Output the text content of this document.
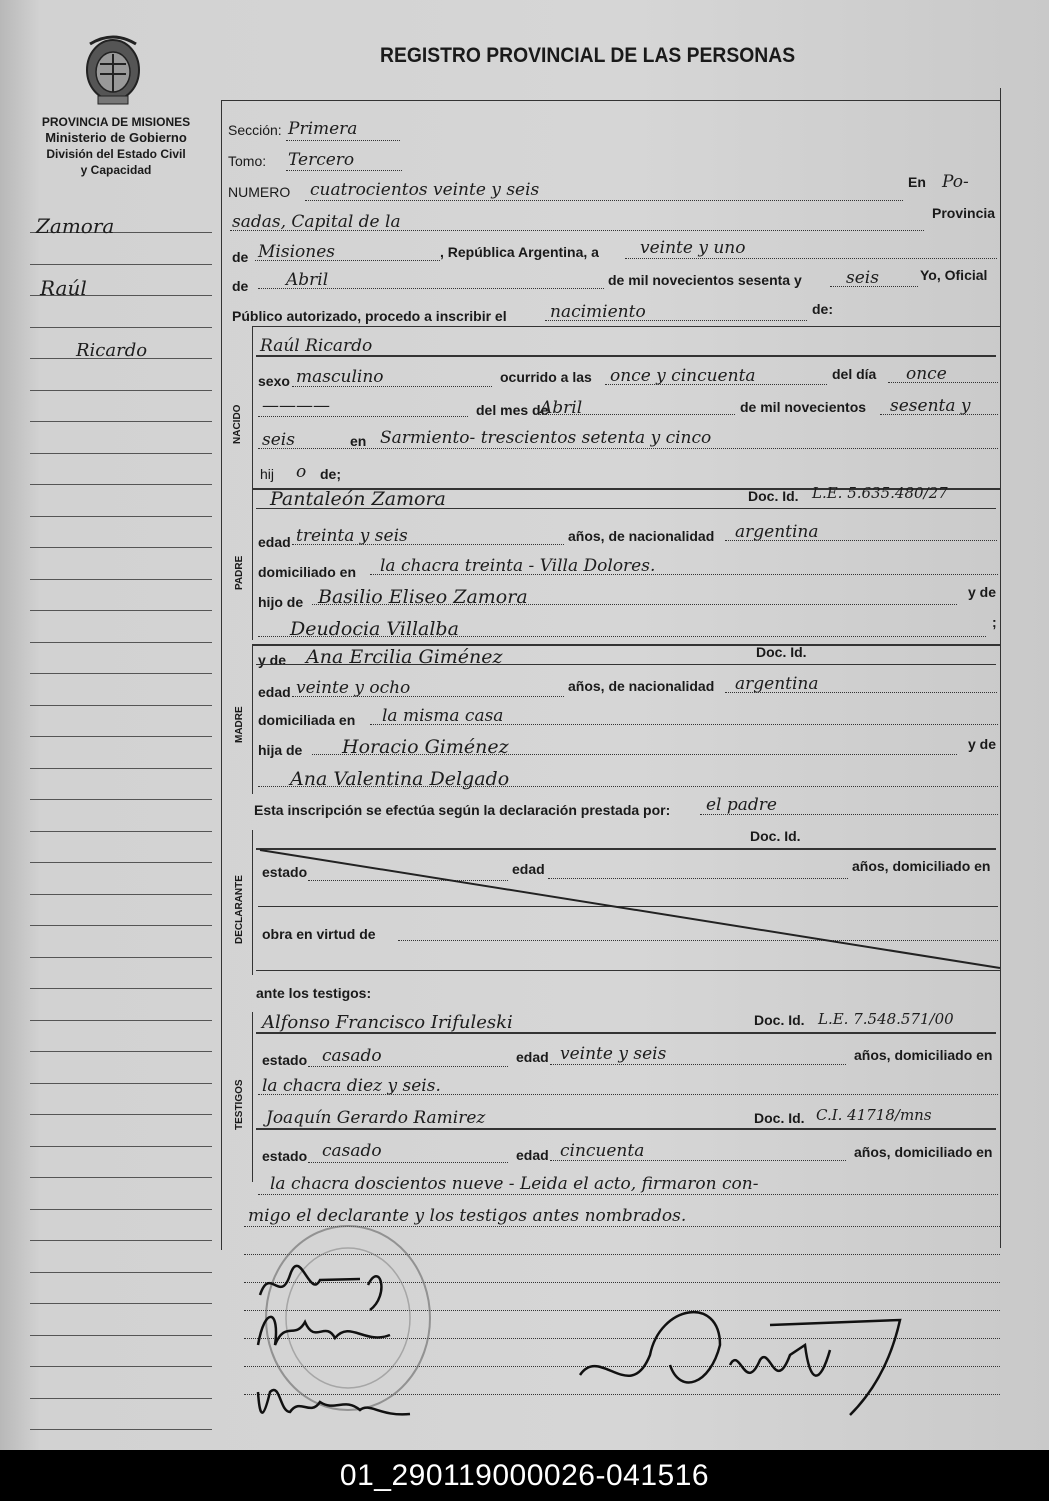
REGISTRO PROVINCIAL DE LAS PERSONAS
PROVINCIA DE MISIONES
Ministerio de Gobierno
División del Estado Civil
y Capacidad
Zamora
Raúl
Ricardo
Sección: Primera
Tomo: Tercero
NUMERO cuatrocientos veinte y seis	En Po-
sadas, Capital de la	Provincia
de Misiones	, República Argentina, a veinte y uno
de Abril	de mil novecientos sesenta y	seis	Yo, Oficial
Público autorizado, procedo a inscribir el	nacimiento	de:
NACIDO
Raúl Ricardo
sexo masculino	ocurrido a las once y cincuenta	del día once
————	del mes de
Abril	de mil novecientos sesenta y
seis	en Sarmiento- trescientos setenta y cinco
hij o de;
PADRE
Pantaleón Zamora	Doc. Id. L.E. 5.635.480/27
edad treinta y seis	años, de nacionalidad argentina
domiciliado en la chacra treinta - Villa Dolores.
hijo de Basilio Eliseo Zamora	y de
Deudocia Villalba	;
MADRE
y de Ana Ercilia Giménez	Doc. Id.
edad veinte y ocho	años, de nacionalidad argentina
domiciliada en la misma casa
hija de Horacio Giménez	y de
Ana Valentina Delgado
Esta inscripción se efectúa según la declaración prestada por: el padre
DECLARANTE
Doc. Id.
estado	edad	años, domiciliado en
obra en virtud de
ante los testigos:
TESTIGOS
Alfonso Francisco Irifuleski	Doc. Id. L.E. 7.548.571/00
estado casado	edad veinte y seis	años, domiciliado en
la chacra diez y seis.
Joaquín Gerardo Ramirez	Doc. Id. C.I. 41718/mns
estado casado	edad cincuenta	años, domiciliado en
la chacra doscientos nueve - Leida el acto, firmaron con-
migo el declarante y los testigos antes nombrados.
01_290119000026-041516
